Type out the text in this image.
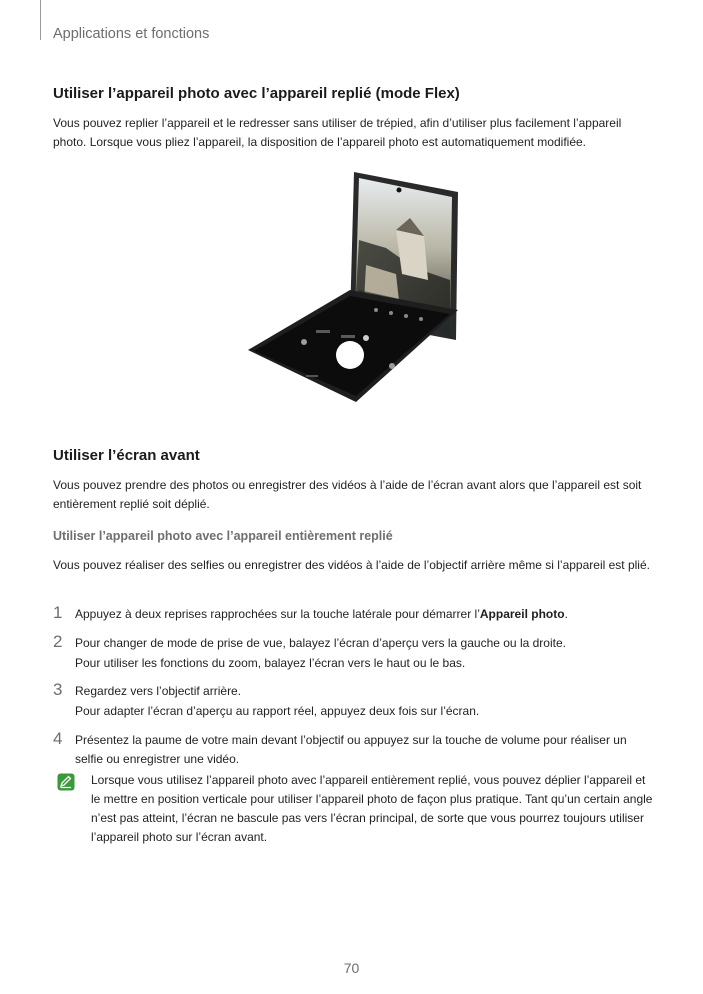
Applications et fonctions
Utiliser l’appareil photo avec l’appareil replié (mode Flex)

Vous pouvez replier l’appareil et le redresser sans utiliser de trépied, afin d’utiliser plus facilement l’appareil photo. Lorsque vous pliez l’appareil, la disposition de l’appareil photo est automatiquement modifiée.

Utiliser l’écran avant

Vous pouvez prendre des photos ou enregistrer des vidéos à l’aide de l’écran avant alors que l’appareil est soit entièrement replié soit déplié.

Utiliser l’appareil photo avec l’appareil entièrement replié

Vous pouvez réaliser des selfies ou enregistrer des vidéos à l’aide de l’objectif arrière même si l’appareil est plié.

1 Appuyez à deux reprises rapprochées sur la touche latérale pour démarrer l’Appareil photo.

2 Pour changer de mode de prise de vue, balayez l’écran d’aperçu vers la gauche ou la droite.

Pour utiliser les fonctions du zoom, balayez l’écran vers le haut ou le bas.

3 Regardez vers l’objectif arrière.

Pour adapter l’écran d’aperçu au rapport réel, appuyez deux fois sur l’écran.

4 Présentez la paume de votre main devant l’objectif ou appuyez sur la touche de volume pour réaliser un selfie ou enregistrer une vidéo.

Lorsque vous utilisez l’appareil photo avec l’appareil entièrement replié, vous pouvez déplier l’appareil et le mettre en position verticale pour utiliser l’appareil photo de façon plus pratique. Tant qu’un certain angle n’est pas atteint, l’écran ne bascule pas vers l’écran principal, de sorte que vous pourrez toujours utiliser l’appareil photo sur l’écran avant.

70
